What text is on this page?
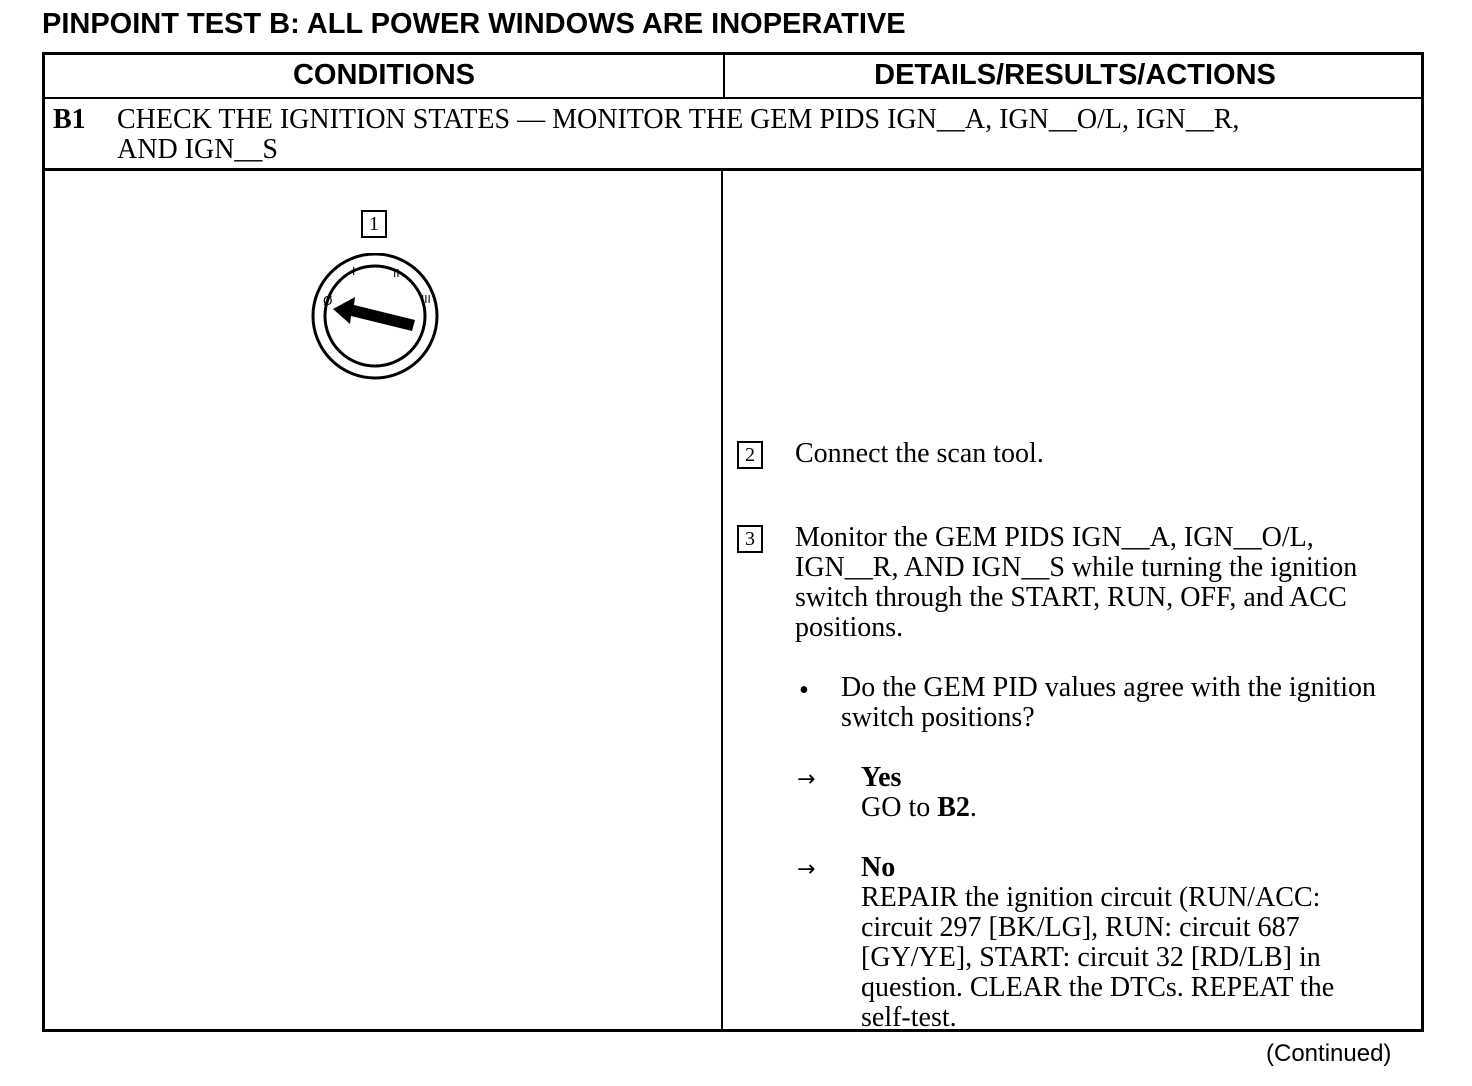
PINPOINT TEST B: ALL POWER WINDOWS ARE INOPERATIVE
CONDITIONS	DETAILS/RESULTS/ACTIONS
B1 CHECK THE IGNITION STATES — MONITOR THE GEM PIDS IGN__A, IGN__O/L, IGN__R,
AND IGN__S
1
Ø
I	II
III
2 Connect the scan tool.
3 Monitor the GEM PIDS IGN__A, IGN__O/L,
IGN__R, AND IGN__S while turning the ignition
switch through the START, RUN, OFF, and ACC
positions.
• Do the GEM PID values agree with the ignition
switch positions?
→ Yes
GO to B2.
→ No
REPAIR the ignition circuit (RUN/ACC:
circuit 297 [BK/LG], RUN: circuit 687
[GY/YE], START: circuit 32 [RD/LB] in
question. CLEAR the DTCs. REPEAT the
self-test.
(Continued)
